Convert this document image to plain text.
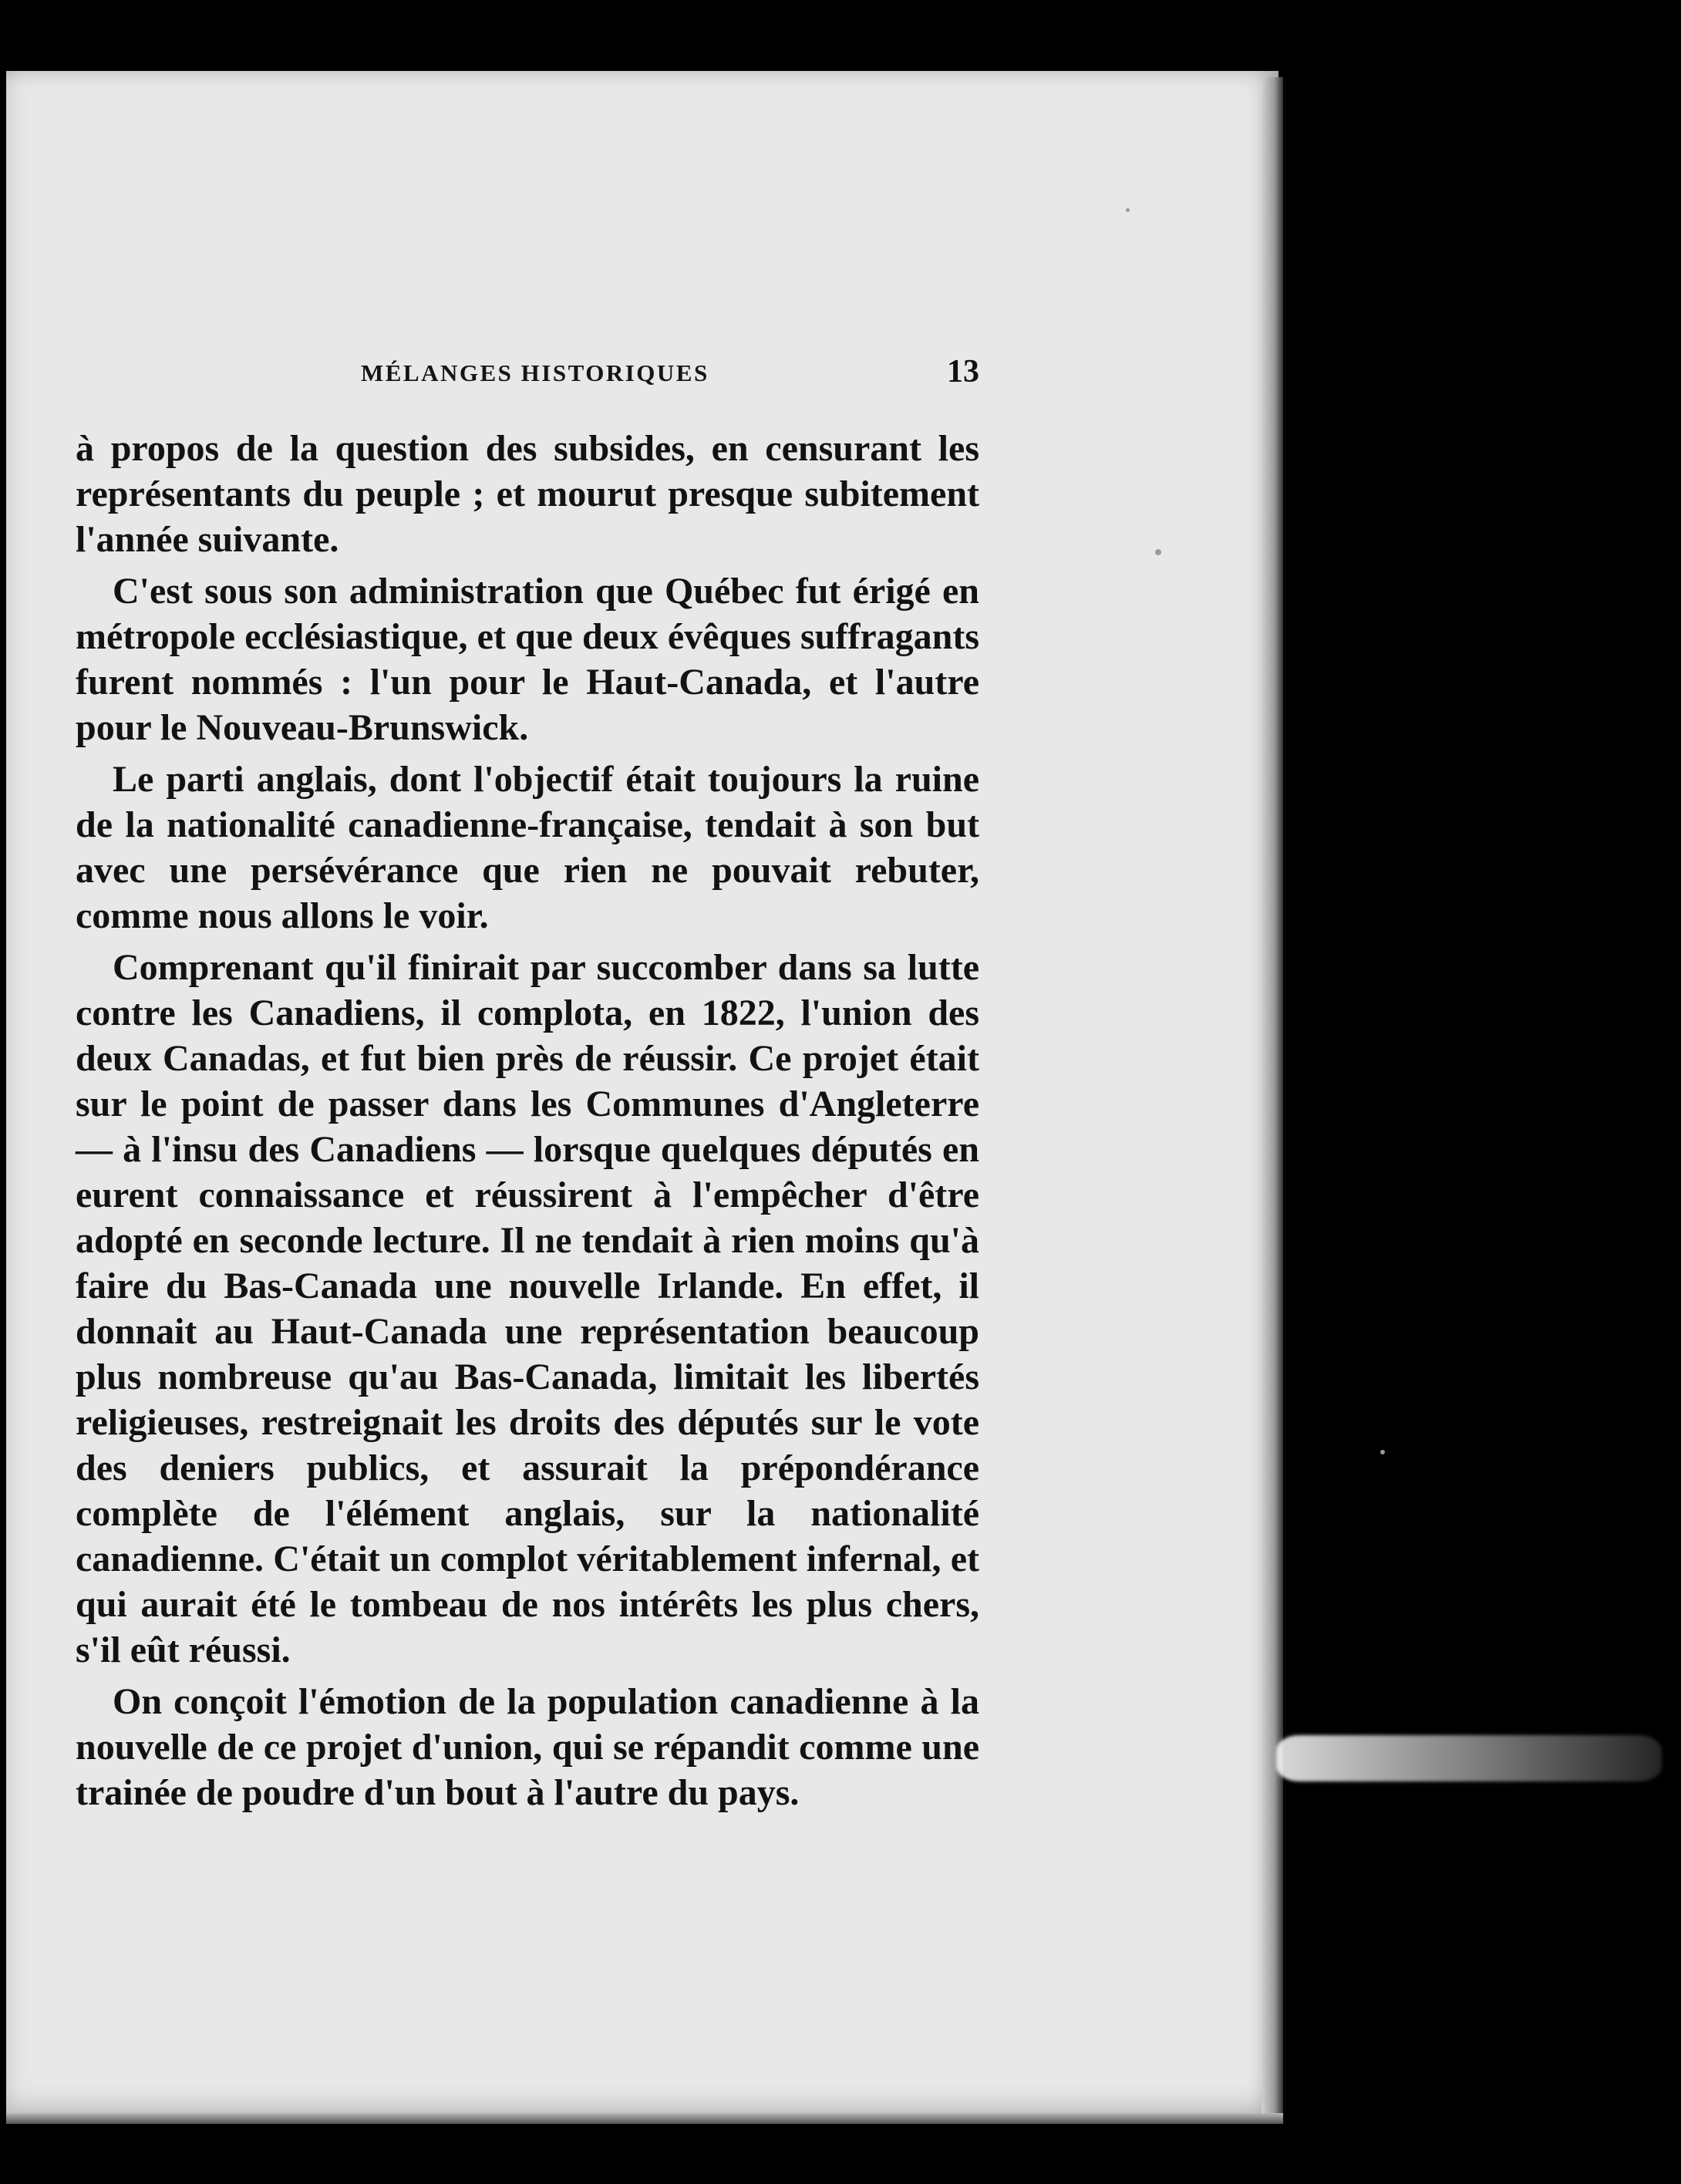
MÉLANGES HISTORIQUES	13

à propos de la question des subsides, en censurant les représentants du peuple ; et mourut presque subitement l'année suivante.

C'est sous son administration que Québec fut érigé en métropole ecclésiastique, et que deux évêques suffragants furent nommés : l'un pour le Haut-Canada, et l'autre pour le Nouveau-Brunswick.

Le parti anglais, dont l'objectif était toujours la ruine de la nationalité canadienne-française, tendait à son but avec une persévérance que rien ne pouvait rebuter, comme nous allons le voir.

Comprenant qu'il finirait par succomber dans sa lutte contre les Canadiens, il complota, en 1822, l'union des deux Canadas, et fut bien près de réussir. Ce projet était sur le point de passer dans les Communes d'Angleterre — à l'insu des Canadiens — lorsque quelques députés en eurent connaissance et réussirent à l'empêcher d'être adopté en seconde lecture. Il ne tendait à rien moins qu'à faire du Bas-Canada une nouvelle Irlande. En effet, il donnait au Haut-Canada une représentation beaucoup plus nombreuse qu'au Bas-Canada, limitait les libertés religieuses, restreignait les droits des députés sur le vote des deniers publics, et assurait la prépondérance complète de l'élément anglais, sur la nationalité canadienne. C'était un complot véritablement infernal, et qui aurait été le tombeau de nos intérêts les plus chers, s'il eût réussi.

On conçoit l'émotion de la population canadienne à la nouvelle de ce projet d'union, qui se répandit comme une trainée de poudre d'un bout à l'autre du pays.
